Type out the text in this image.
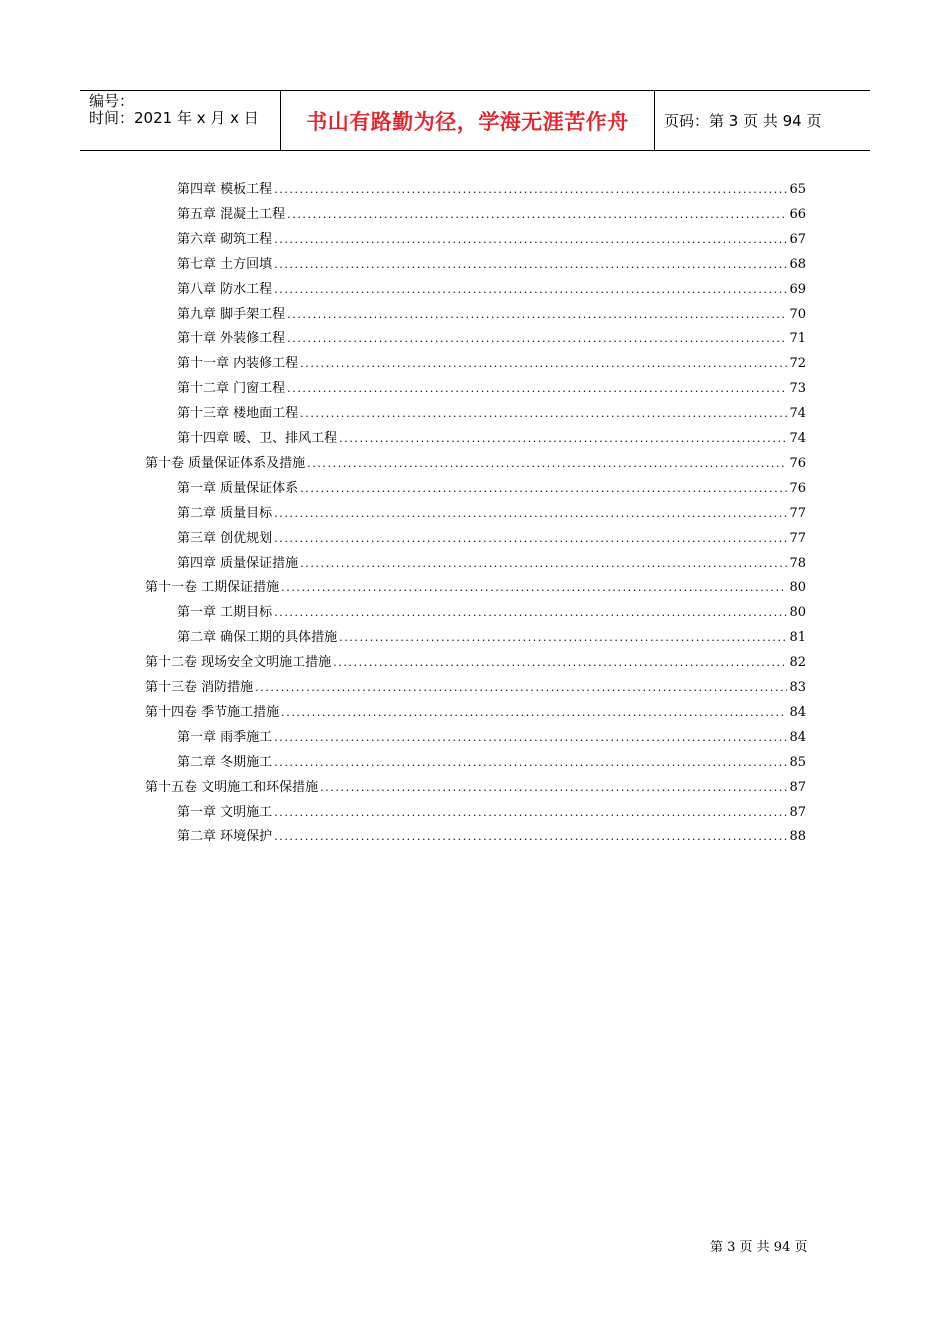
编号：
时间：2021 年 x 月 x 日	书山有路勤为径，学海无涯苦作舟	页码：第 3 页 共 94 页
第四章 模板工程 .....	65
第五章 混凝土工程 .....	66
第六章 砌筑工程 .....	67
第七章 土方回填 .....	68
第八章 防水工程 .....	69
第九章 脚手架工程 .....	70
第十章 外装修工程 .....	71
第十一章 内装修工程 .....	72
第十二章 门窗工程 .....	73
第十三章 楼地面工程 .....	74
第十四章 暖、卫、排风工程 .....	74
第十卷 质量保证体系及措施 .....	76
第一章 质量保证体系 .....	76
第二章 质量目标 .....	77
第三章 创优规划 .....	77
第四章 质量保证措施 .....	78
第十一卷 工期保证措施 .....	80
第一章 工期目标 .....	80
第二章 确保工期的具体措施 .....	81
第十二卷 现场安全文明施工措施 .....	82
第十三卷 消防措施 .....	83
第十四卷 季节施工措施 .....	84
第一章 雨季施工 .....	84
第二章 冬期施工 .....	85
第十五卷 文明施工和环保措施 .....	87
第一章 文明施工 .....	87
第二章 环境保护 .....	88
第 3 页 共 94 页
